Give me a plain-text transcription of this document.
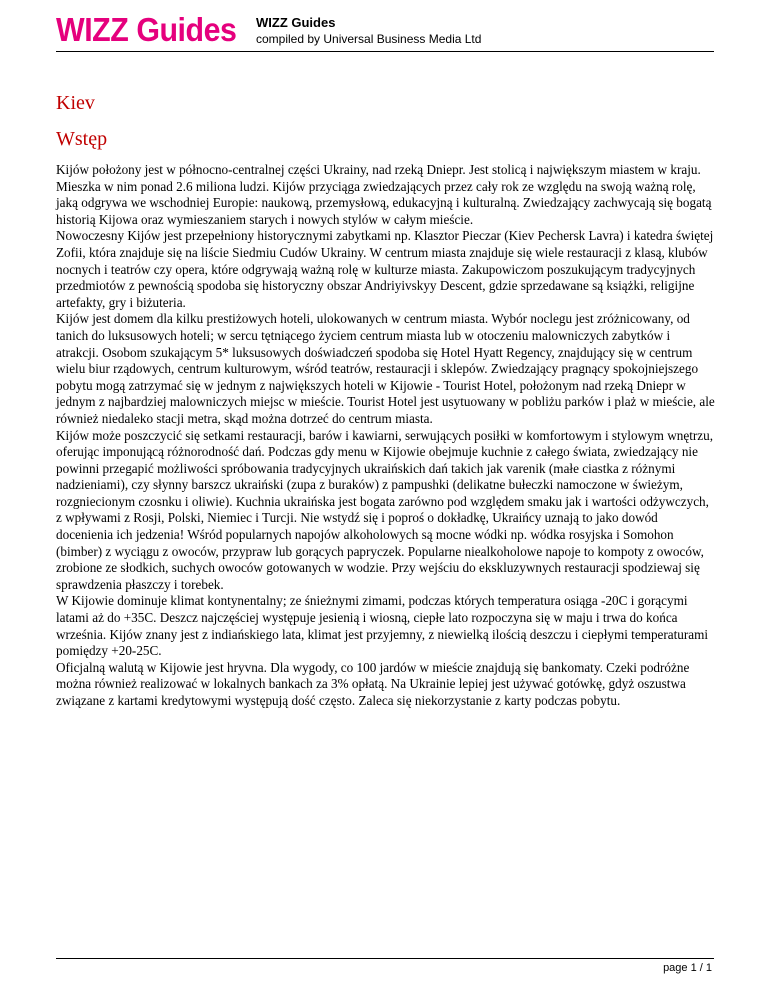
WIZZ Guides WIZZ Guides
compiled by Universal Business Media Ltd
Kiev
Wstęp

Kijów położony jest w północno-centralnej części Ukrainy, nad rzeką Dniepr. Jest stolicą i największym miastem w kraju. Mieszka w nim ponad 2.6 miliona ludzi. Kijów przyciąga zwiedzających przez cały rok ze względu na swoją ważną rolę, jaką odgrywa we wschodniej Europie: naukową, przemysłową, edukacyjną i kulturalną. Zwiedzający zachwycają się bogatą historią Kijowa oraz wymieszaniem starych i nowych stylów w całym mieście.

Nowoczesny Kijów jest przepełniony historycznymi zabytkami np. Klasztor Pieczar (Kiev Pechersk Lavra) i katedra świętej Zofii, która znajduje się na liście Siedmiu Cudów Ukrainy. W centrum miasta znajduje się wiele restauracji z klasą, klubów nocnych i teatrów czy opera, które odgrywają ważną rolę w kulturze miasta. Zakupowiczom poszukującym tradycyjnych przedmiotów z pewnością spodoba się historyczny obszar Andriyivskyy Descent, gdzie sprzedawane są książki, religijne artefakty, gry i biżuteria.

Kijów jest domem dla kilku prestiżowych hoteli, ulokowanych w centrum miasta. Wybór noclegu jest zróżnicowany, od tanich do luksusowych hoteli; w sercu tętniącego życiem centrum miasta lub w otoczeniu malowniczych zabytków i atrakcji. Osobom szukającym 5* luksusowych doświadczeń spodoba się Hotel Hyatt Regency, znajdujący się w centrum wielu biur rządowych, centrum kulturowym, wśród teatrów, restauracji i sklepów. Zwiedzający pragnący spokojniejszego pobytu mogą zatrzymać się w jednym z największych hoteli w Kijowie - Tourist Hotel, położonym nad rzeką Dniepr w jednym z najbardziej malowniczych miejsc w mieście. Tourist Hotel jest usytuowany w pobliżu parków i plaż w mieście, ale również niedaleko stacji metra, skąd można dotrzeć do centrum miasta.

Kijów może poszczycić się setkami restauracji, barów i kawiarni, serwujących posiłki w komfortowym i stylowym wnętrzu, oferując imponującą różnorodność dań. Podczas gdy menu w Kijowie obejmuje kuchnie z całego świata, zwiedzający nie powinni przegapić możliwości spróbowania tradycyjnych ukraińskich dań takich jak varenik (małe ciastka z różnymi nadzieniami), czy słynny barszcz ukraiński (zupa z buraków) z pampushki (delikatne bułeczki namoczone w świeżym, rozgniecionym czosnku i oliwie). Kuchnia ukraińska jest bogata zarówno pod względem smaku jak i wartości odżywczych, z wpływami z Rosji, Polski, Niemiec i Turcji. Nie wstydź się i poproś o dokładkę, Ukraińcy uznają to jako dowód docenienia ich jedzenia! Wśród popularnych napojów alkoholowych są mocne wódki np. wódka rosyjska i Somohon (bimber) z wyciągu z owoców, przypraw lub gorących papryczek. Popularne niealkoholowe napoje to kompoty z owoców, zrobione ze słodkich, suchych owoców gotowanych w wodzie. Przy wejściu do ekskluzywnych restauracji spodziewaj się sprawdzenia płaszczy i torebek.

W Kijowie dominuje klimat kontynentalny; ze śnieżnymi zimami, podczas których temperatura osiąga -20C i gorącymi latami aż do +35C. Deszcz najczęściej występuje jesienią i wiosną, ciepłe lato rozpoczyna się w maju i trwa do końca września. Kijów znany jest z indiańskiego lata, klimat jest przyjemny, z niewielką ilością deszczu i ciepłymi temperaturami pomiędzy +20-25C.

Oficjalną walutą w Kijowie jest hryvna. Dla wygody, co 100 jardów w mieście znajdują się bankomaty. Czeki podróżne można również realizować w lokalnych bankach za 3% opłatą. Na Ukrainie lepiej jest używać gotówkę, gdyż oszustwa związane z kartami kredytowymi występują dość często. Zaleca się niekorzystanie z karty podczas pobytu.

page 1 / 1
